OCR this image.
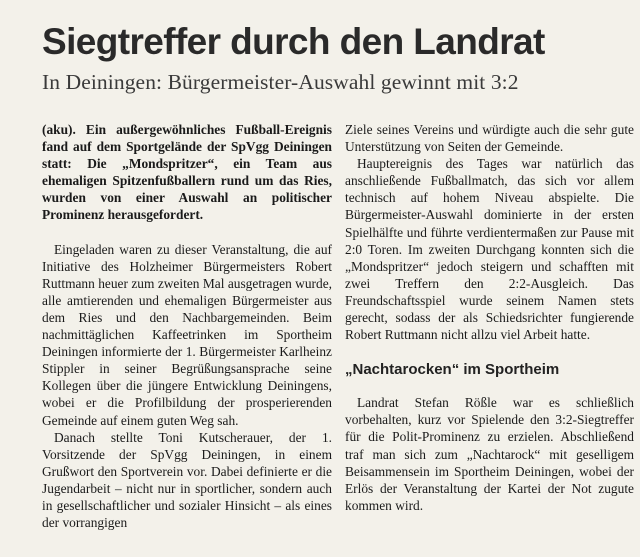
Siegtreffer durch den Landrat
In Deiningen: Bürgermeister-Auswahl gewinnt mit 3:2

(aku). Ein außergewöhnliches Fußball-Ereignis fand auf dem Sportgelände der SpVgg Deiningen statt: Die „Mondspritzer“, ein Team aus ehemaligen Spitzenfußballern rund um das Ries, wurden von einer Auswahl an politischer Prominenz herausgefordert.

Eingeladen waren zu dieser Veranstaltung, die auf Initiative des Holzheimer Bürgermeisters Robert Ruttmann heuer zum zweiten Mal ausgetragen wurde, alle amtierenden und ehemaligen Bürgermeister aus dem Ries und den Nachbargemeinden. Beim nachmittäglichen Kaffeetrinken im Sportheim Deiningen informierte der 1. Bürgermeister Karlheinz Stippler in seiner Begrüßungsansprache seine Kollegen über die jüngere Entwicklung Deiningens, wobei er die Profilbildung der prosperierenden Gemeinde auf einem guten Weg sah.

Danach stellte Toni Kutscherauer, der 1. Vorsitzende der SpVgg Deiningen, in einem Grußwort den Sportverein vor. Dabei definierte er die Jugendarbeit – nicht nur in sportlicher, sondern auch in gesellschaftlicher und sozialer Hinsicht – als eines der vorrangigen

Ziele seines Vereins und würdigte auch die sehr gute Unterstützung von Seiten der Gemeinde.

Hauptereignis des Tages war natürlich das anschließende Fußballmatch, das sich vor allem technisch auf hohem Niveau abspielte. Die Bürgermeister-Auswahl dominierte in der ersten Spielhälfte und führte verdientermaßen zur Pause mit 2:0 Toren. Im zweiten Durchgang konnten sich die „Mondspritzer“ jedoch steigern und schafften mit zwei Treffern den 2:2-Ausgleich. Das Freundschaftsspiel wurde seinem Namen stets gerecht, sodass der als Schiedsrichter fungierende Robert Ruttmann nicht allzu viel Arbeit hatte.

„Nachtarocken“ im Sportheim

Landrat Stefan Rößle war es schließlich vorbehalten, kurz vor Spielende den 3:2-Siegtreffer für die Polit-Prominenz zu erzielen. Abschließend traf man sich zum „Nachtarock“ mit geselligem Beisammensein im Sportheim Deiningen, wobei der Erlös der Veranstaltung der Kartei der Not zugute kommen wird.
